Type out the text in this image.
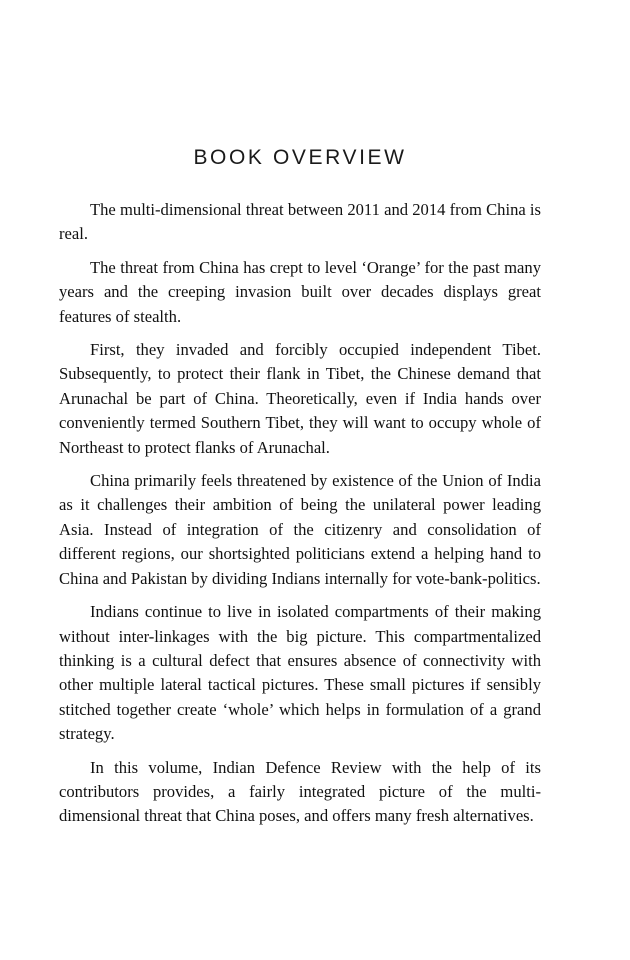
BOOK OVERVIEW

The multi-dimensional threat between 2011 and 2014 from China is real.

The threat from China has crept to level ‘Orange’ for the past many years and the creeping invasion built over decades displays great features of stealth.

First, they invaded and forcibly occupied independent Tibet. Subsequently, to protect their flank in Tibet, the Chinese demand that Arunachal be part of China. Theoretically, even if India hands over conveniently termed Southern Tibet, they will want to occupy whole of Northeast to protect flanks of Arunachal.

China primarily feels threatened by existence of the Union of India as it challenges their ambition of being the unilateral power leading Asia. Instead of integration of the citizenry and consolidation of different regions, our shortsighted politicians extend a helping hand to China and Pakistan by dividing Indians internally for vote-bank-politics.

Indians continue to live in isolated compartments of their making without inter-linkages with the big picture. This compartmentalized thinking is a cultural defect that ensures absence of connectivity with other multiple lateral tactical pictures. These small pictures if sensibly stitched together create ‘whole’ which helps in formulation of a grand strategy.

In this volume, Indian Defence Review with the help of its contributors provides, a fairly integrated picture of the multi-dimensional threat that China poses, and offers many fresh alternatives.
